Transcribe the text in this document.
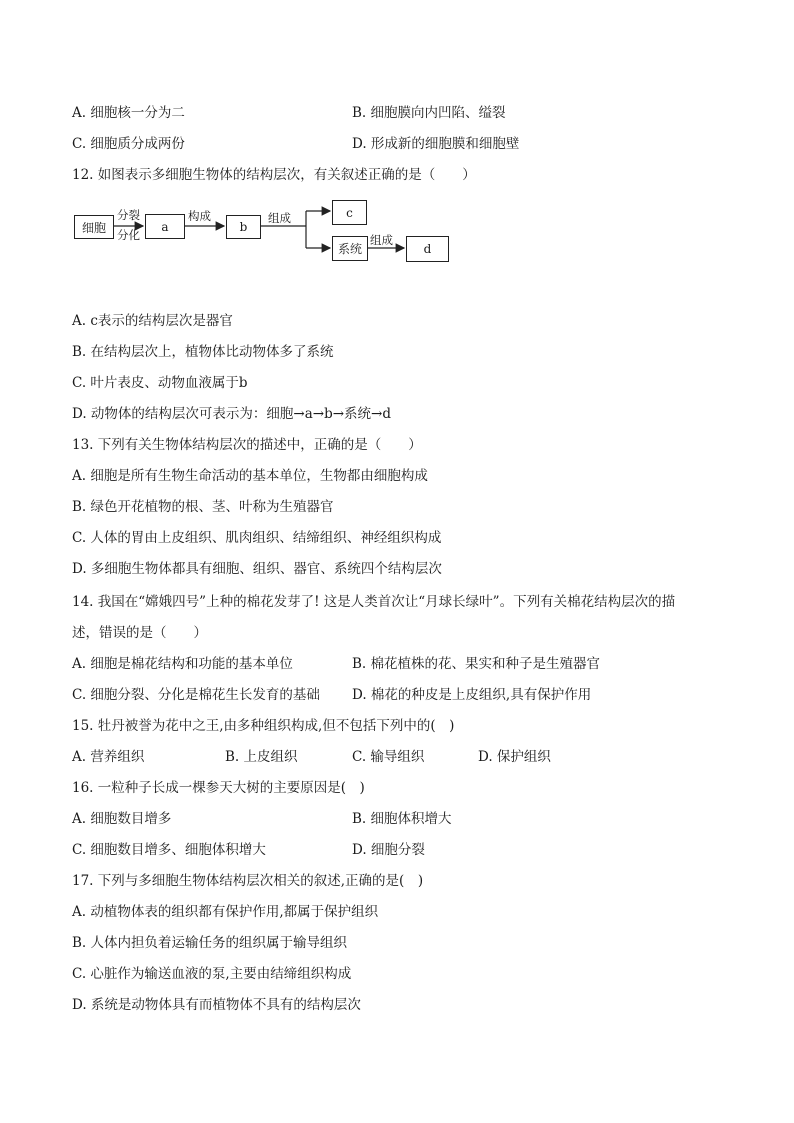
A. 细胞核一分为二	B. 细胞膜向内凹陷、缢裂
C. 细胞质分成两份	D. 形成新的细胞膜和细胞壁
12. 如图表示多细胞生物体的结构层次，有关叙述正确的是（　　）
细胞
分裂
分化
a
构成
b
组成	c
系统
组成
d
A. c表示的结构层次是器官
B. 在结构层次上，植物体比动物体多了系统
C. 叶片表皮、动物血液属于b
D. 动物体的结构层次可表示为：细胞→a→b→系统→d
13. 下列有关生物体结构层次的描述中，正确的是（　　）
A. 细胞是所有生物生命活动的基本单位，生物都由细胞构成
B. 绿色开花植物的根、茎、叶称为生殖器官
C. 人体的胃由上皮组织、肌肉组织、结缔组织、神经组织构成
D. 多细胞生物体都具有细胞、组织、器官、系统四个结构层次
14. 我国在“嫦娥四号”上种的棉花发芽了! 这是人类首次让“月球长绿叶”。下列有关棉花结构层次的描
述，错误的是（　　）
A. 细胞是棉花结构和功能的基本单位	B. 棉花植株的花、果实和种子是生殖器官
C. 细胞分裂、分化是棉花生长发育的基础 D. 棉花的种皮是上皮组织,具有保护作用
15. 牡丹被誉为花中之王,由多种组织构成,但不包括下列中的(　)
A. 营养组织	B. 上皮组织	C. 输导组织	D. 保护组织
16. 一粒种子长成一棵参天大树的主要原因是(　)
A. 细胞数目增多	B. 细胞体积增大
C. 细胞数目增多、细胞体积增大	D. 细胞分裂
17. 下列与多细胞生物体结构层次相关的叙述,正确的是(　)
A. 动植物体表的组织都有保护作用,都属于保护组织
B. 人体内担负着运输任务的组织属于输导组织
C. 心脏作为输送血液的泵,主要由结缔组织构成
D. 系统是动物体具有而植物体不具有的结构层次
